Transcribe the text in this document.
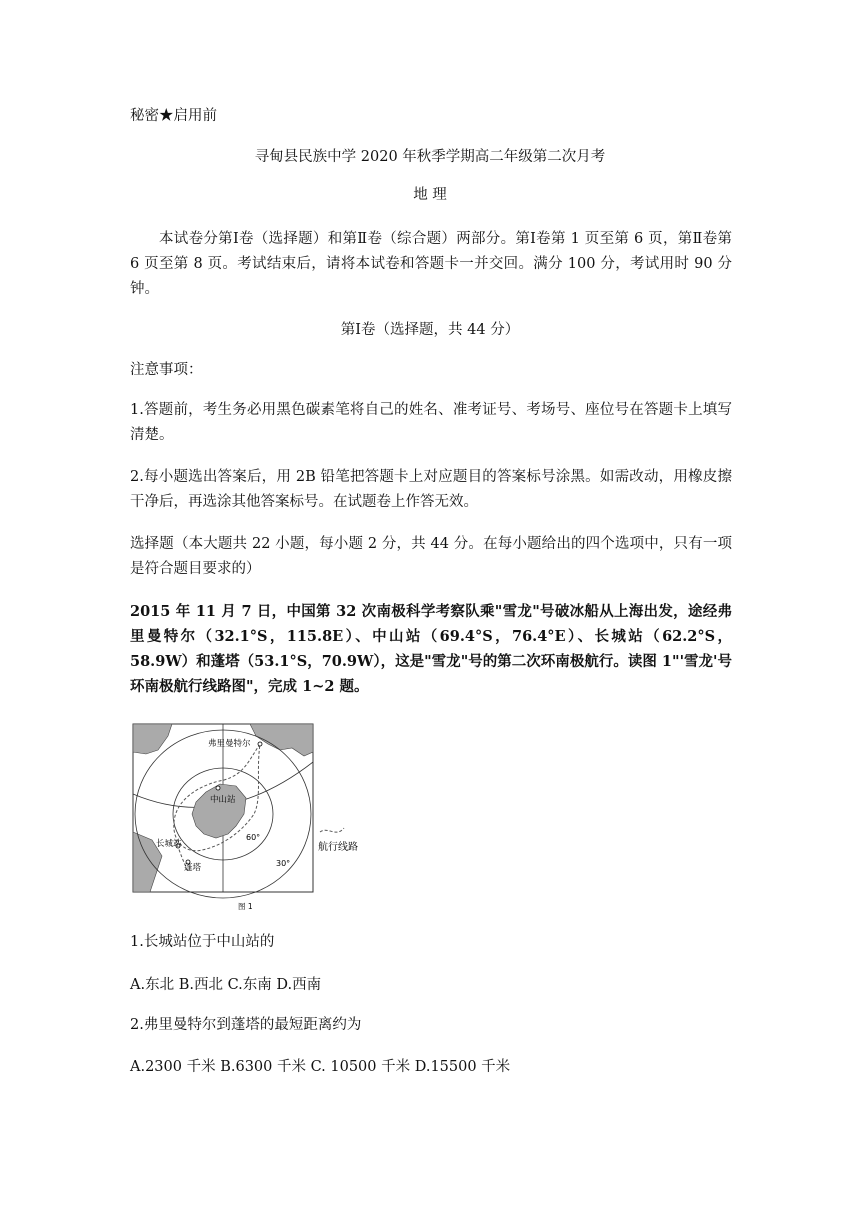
秘密★启用前
寻甸县民族中学 2020 年秋季学期高二年级第二次月考
地 理
本试卷分第Ⅰ卷（选择题）和第Ⅱ卷（综合题）两部分。第Ⅰ卷第 1 页至第 6 页，第Ⅱ卷第 6 页至第 8 页。考试结束后，请将本试卷和答题卡一并交回。满分 100 分，考试用时 90 分钟。
第Ⅰ卷（选择题，共 44 分）
注意事项：
1.答题前，考生务必用黑色碳素笔将自己的姓名、准考证号、考场号、座位号在答题卡上填写清楚。
2.每小题选出答案后，用 2B 铅笔把答题卡上对应题目的答案标号涂黑。如需改动，用橡皮擦干净后，再选涂其他答案标号。在试题卷上作答无效。
选择题（本大题共 22 小题，每小题 2 分，共 44 分。在每小题给出的四个选项中，只有一项是符合题目要求的）
2015 年 11 月 7 日，中国第 32 次南极科学考察队乘"雪龙"号破冰船从上海出发，途经弗里曼特尔（32.1°S，115.8E）、中山站（69.4°S，76.4°E）、长城站（62.2°S，58.9W）和蓬塔（53.1°S，70.9W），这是"雪龙"号的第二次环南极航行。读图 1"'雪龙'号环南极航行线路图"，完成 1~2 题。
弗里曼特尔
中山站
长城站
蓬塔
60°
30°
航行线路
图 1
1.长城站位于中山站的
A.东北 B.西北 C.东南 D.西南
2.弗里曼特尔到蓬塔的最短距离约为
A.2300 千米 B.6300 千米 C. 10500 千米 D.15500 千米
